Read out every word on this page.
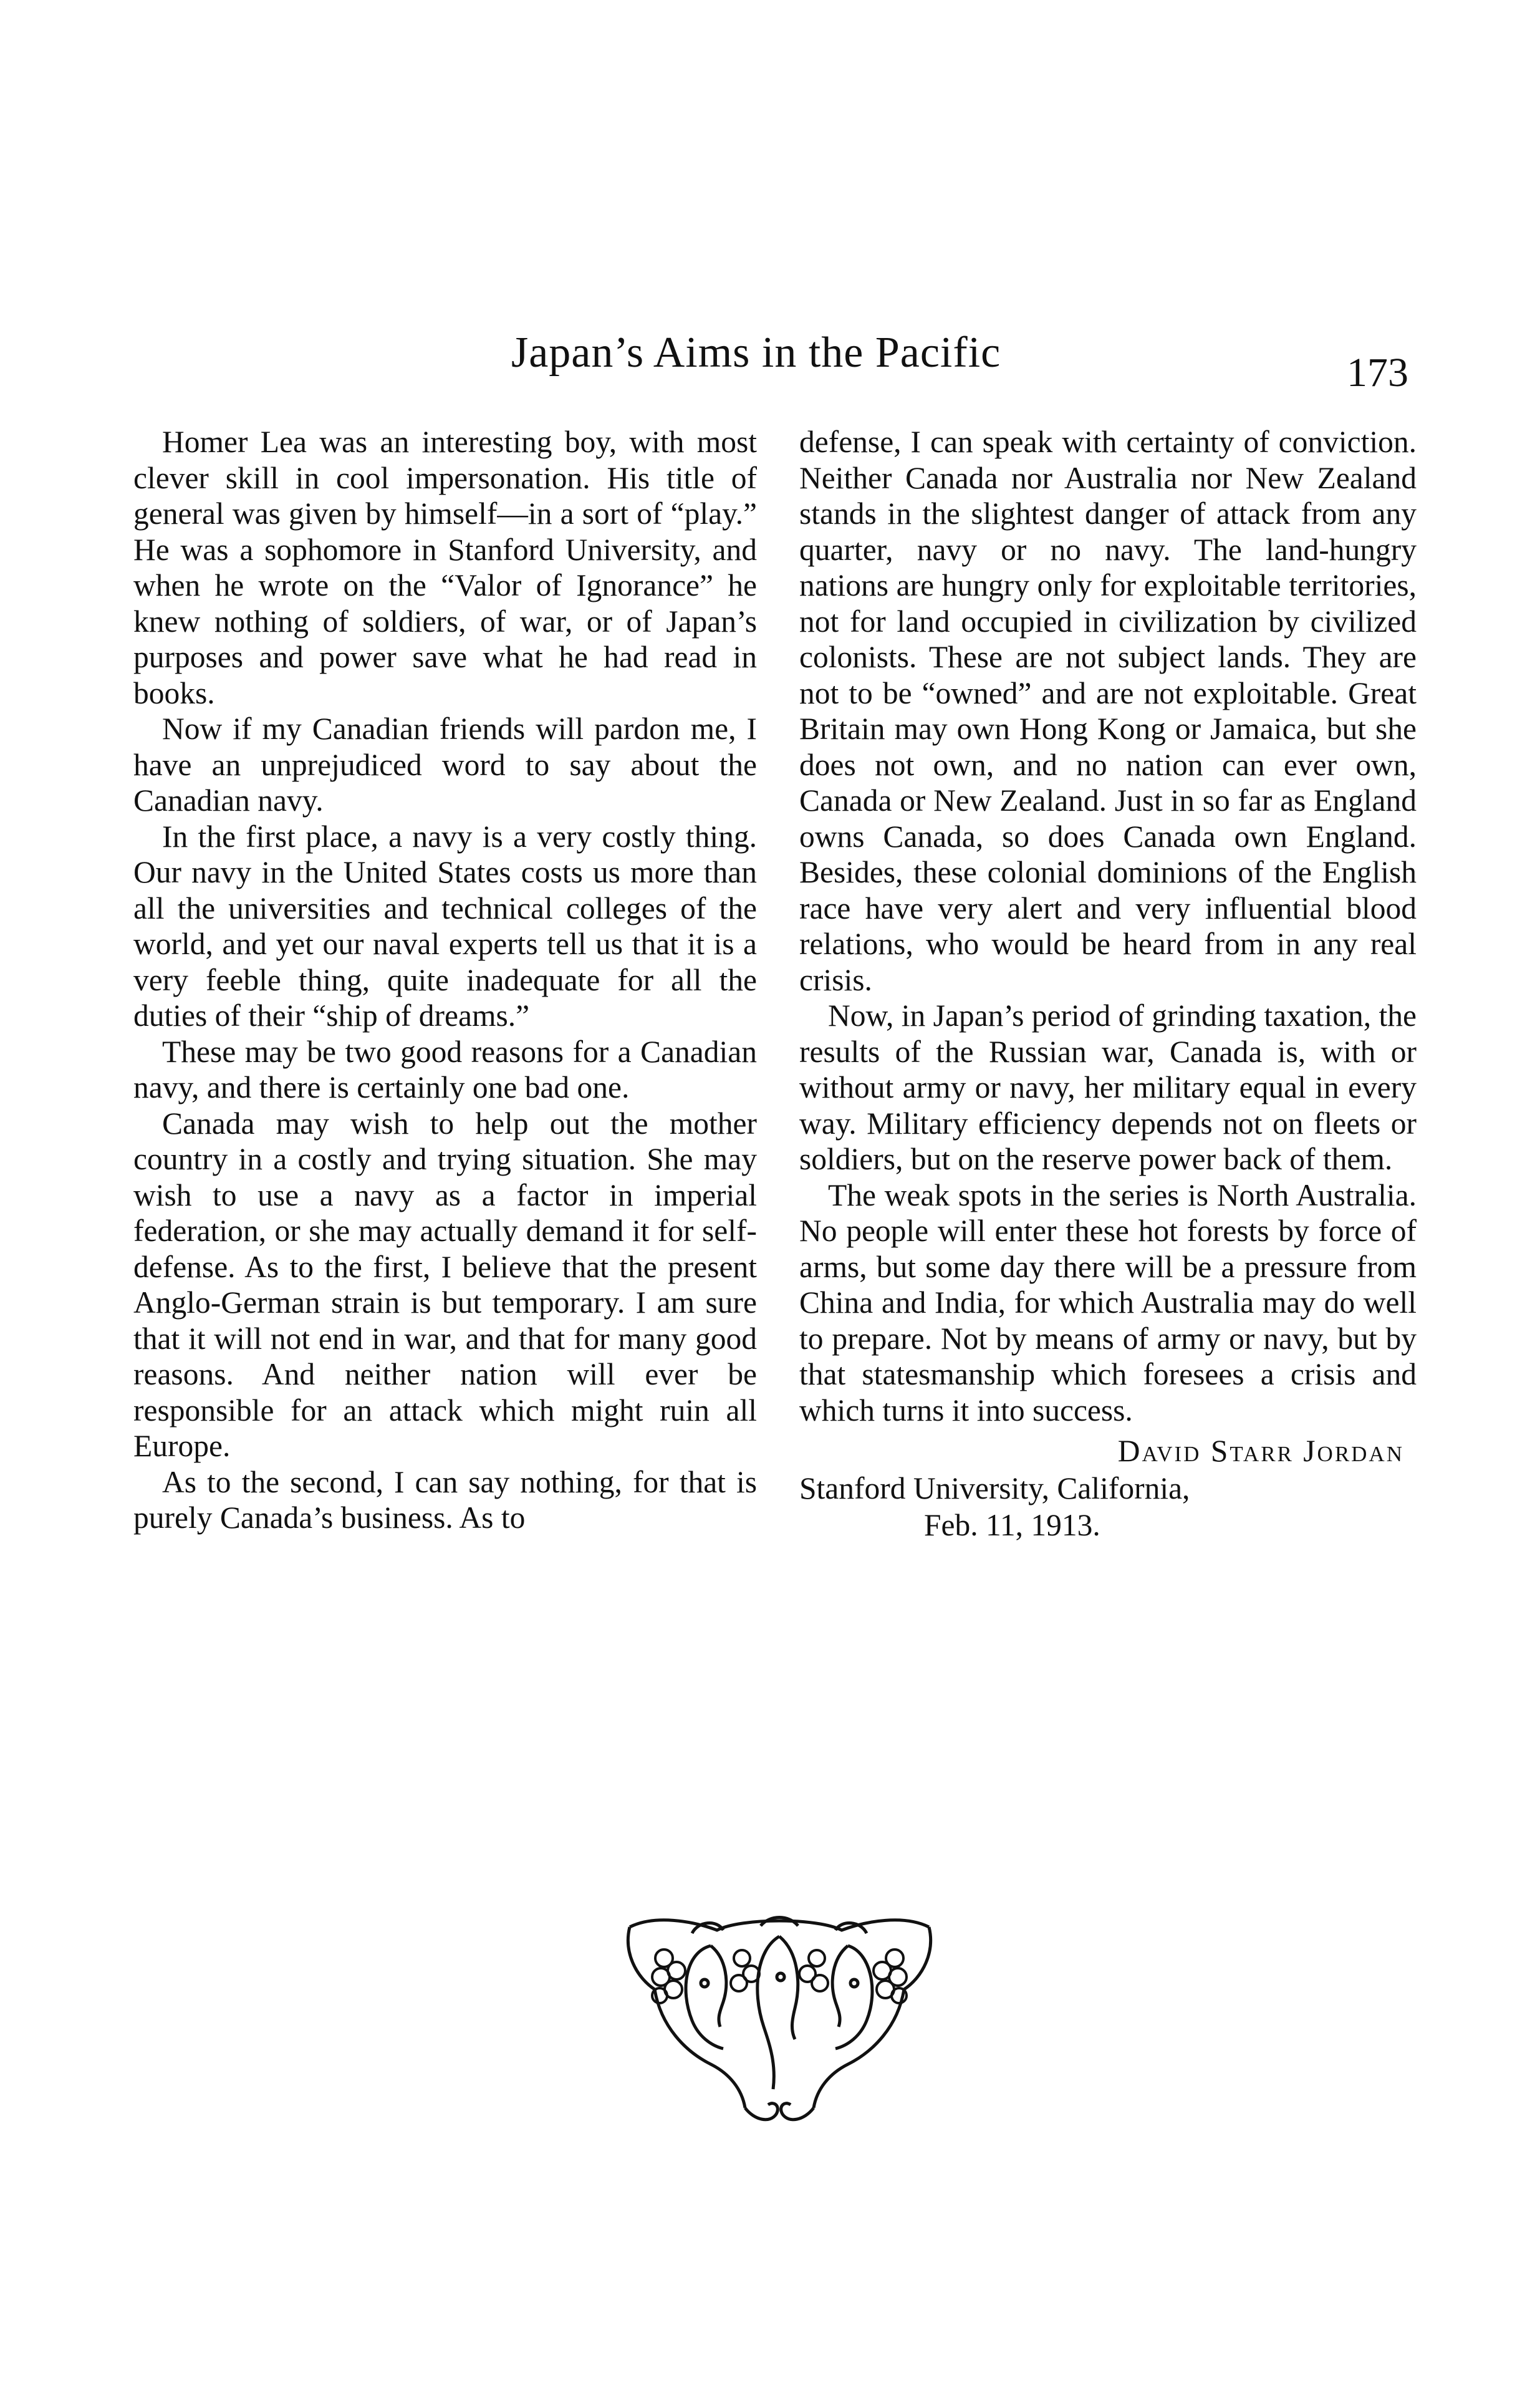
Japan’s Aims in the Pacific	173

Homer Lea was an interesting boy, with most clever skill in cool impersonation. His title of general was given by himself—in a sort of “play.” He was a sophomore in Stanford University, and when he wrote on the “Valor of Ignorance” he knew nothing of soldiers, of war, or of Japan’s purposes and power save what he had read in books.

Now if my Canadian friends will pardon me, I have an unprejudiced word to say about the Canadian navy.

In the first place, a navy is a very costly thing. Our navy in the United States costs us more than all the universities and technical colleges of the world, and yet our naval experts tell us that it is a very feeble thing, quite inadequate for all the duties of their “ship of dreams.”

These may be two good reasons for a Canadian navy, and there is certainly one bad one.

Canada may wish to help out the mother country in a costly and trying situation. She may wish to use a navy as a factor in imperial federation, or she may actually demand it for self-defense. As to the first, I believe that the present Anglo-German strain is but temporary. I am sure that it will not end in war, and that for many good reasons. And neither nation will ever be responsible for an attack which might ruin all Europe.

As to the second, I can say nothing, for that is purely Canada’s business. As to

defense, I can speak with certainty of conviction. Neither Canada nor Australia nor New Zealand stands in the slightest danger of attack from any quarter, navy or no navy. The land-hungry nations are hungry only for exploitable territories, not for land occupied in civilization by civilized colonists. These are not subject lands. They are not to be “owned” and are not exploitable. Great Britain may own Hong Kong or Jamaica, but she does not own, and no nation can ever own, Canada or New Zealand. Just in so far as England owns Canada, so does Canada own England. Besides, these colonial dominions of the English race have very alert and very influential blood relations, who would be heard from in any real crisis.

Now, in Japan’s period of grinding taxation, the results of the Russian war, Canada is, with or without army or navy, her military equal in every way. Military efficiency depends not on fleets or soldiers, but on the reserve power back of them.

The weak spots in the series is North Australia. No people will enter these hot forests by force of arms, but some day there will be a pressure from China and India, for which Australia may do well to prepare. Not by means of army or navy, but by that statesmanship which foresees a crisis and which turns it into success.

David Starr Jordan
Stanford University, California,
Feb. 11, 1913.
